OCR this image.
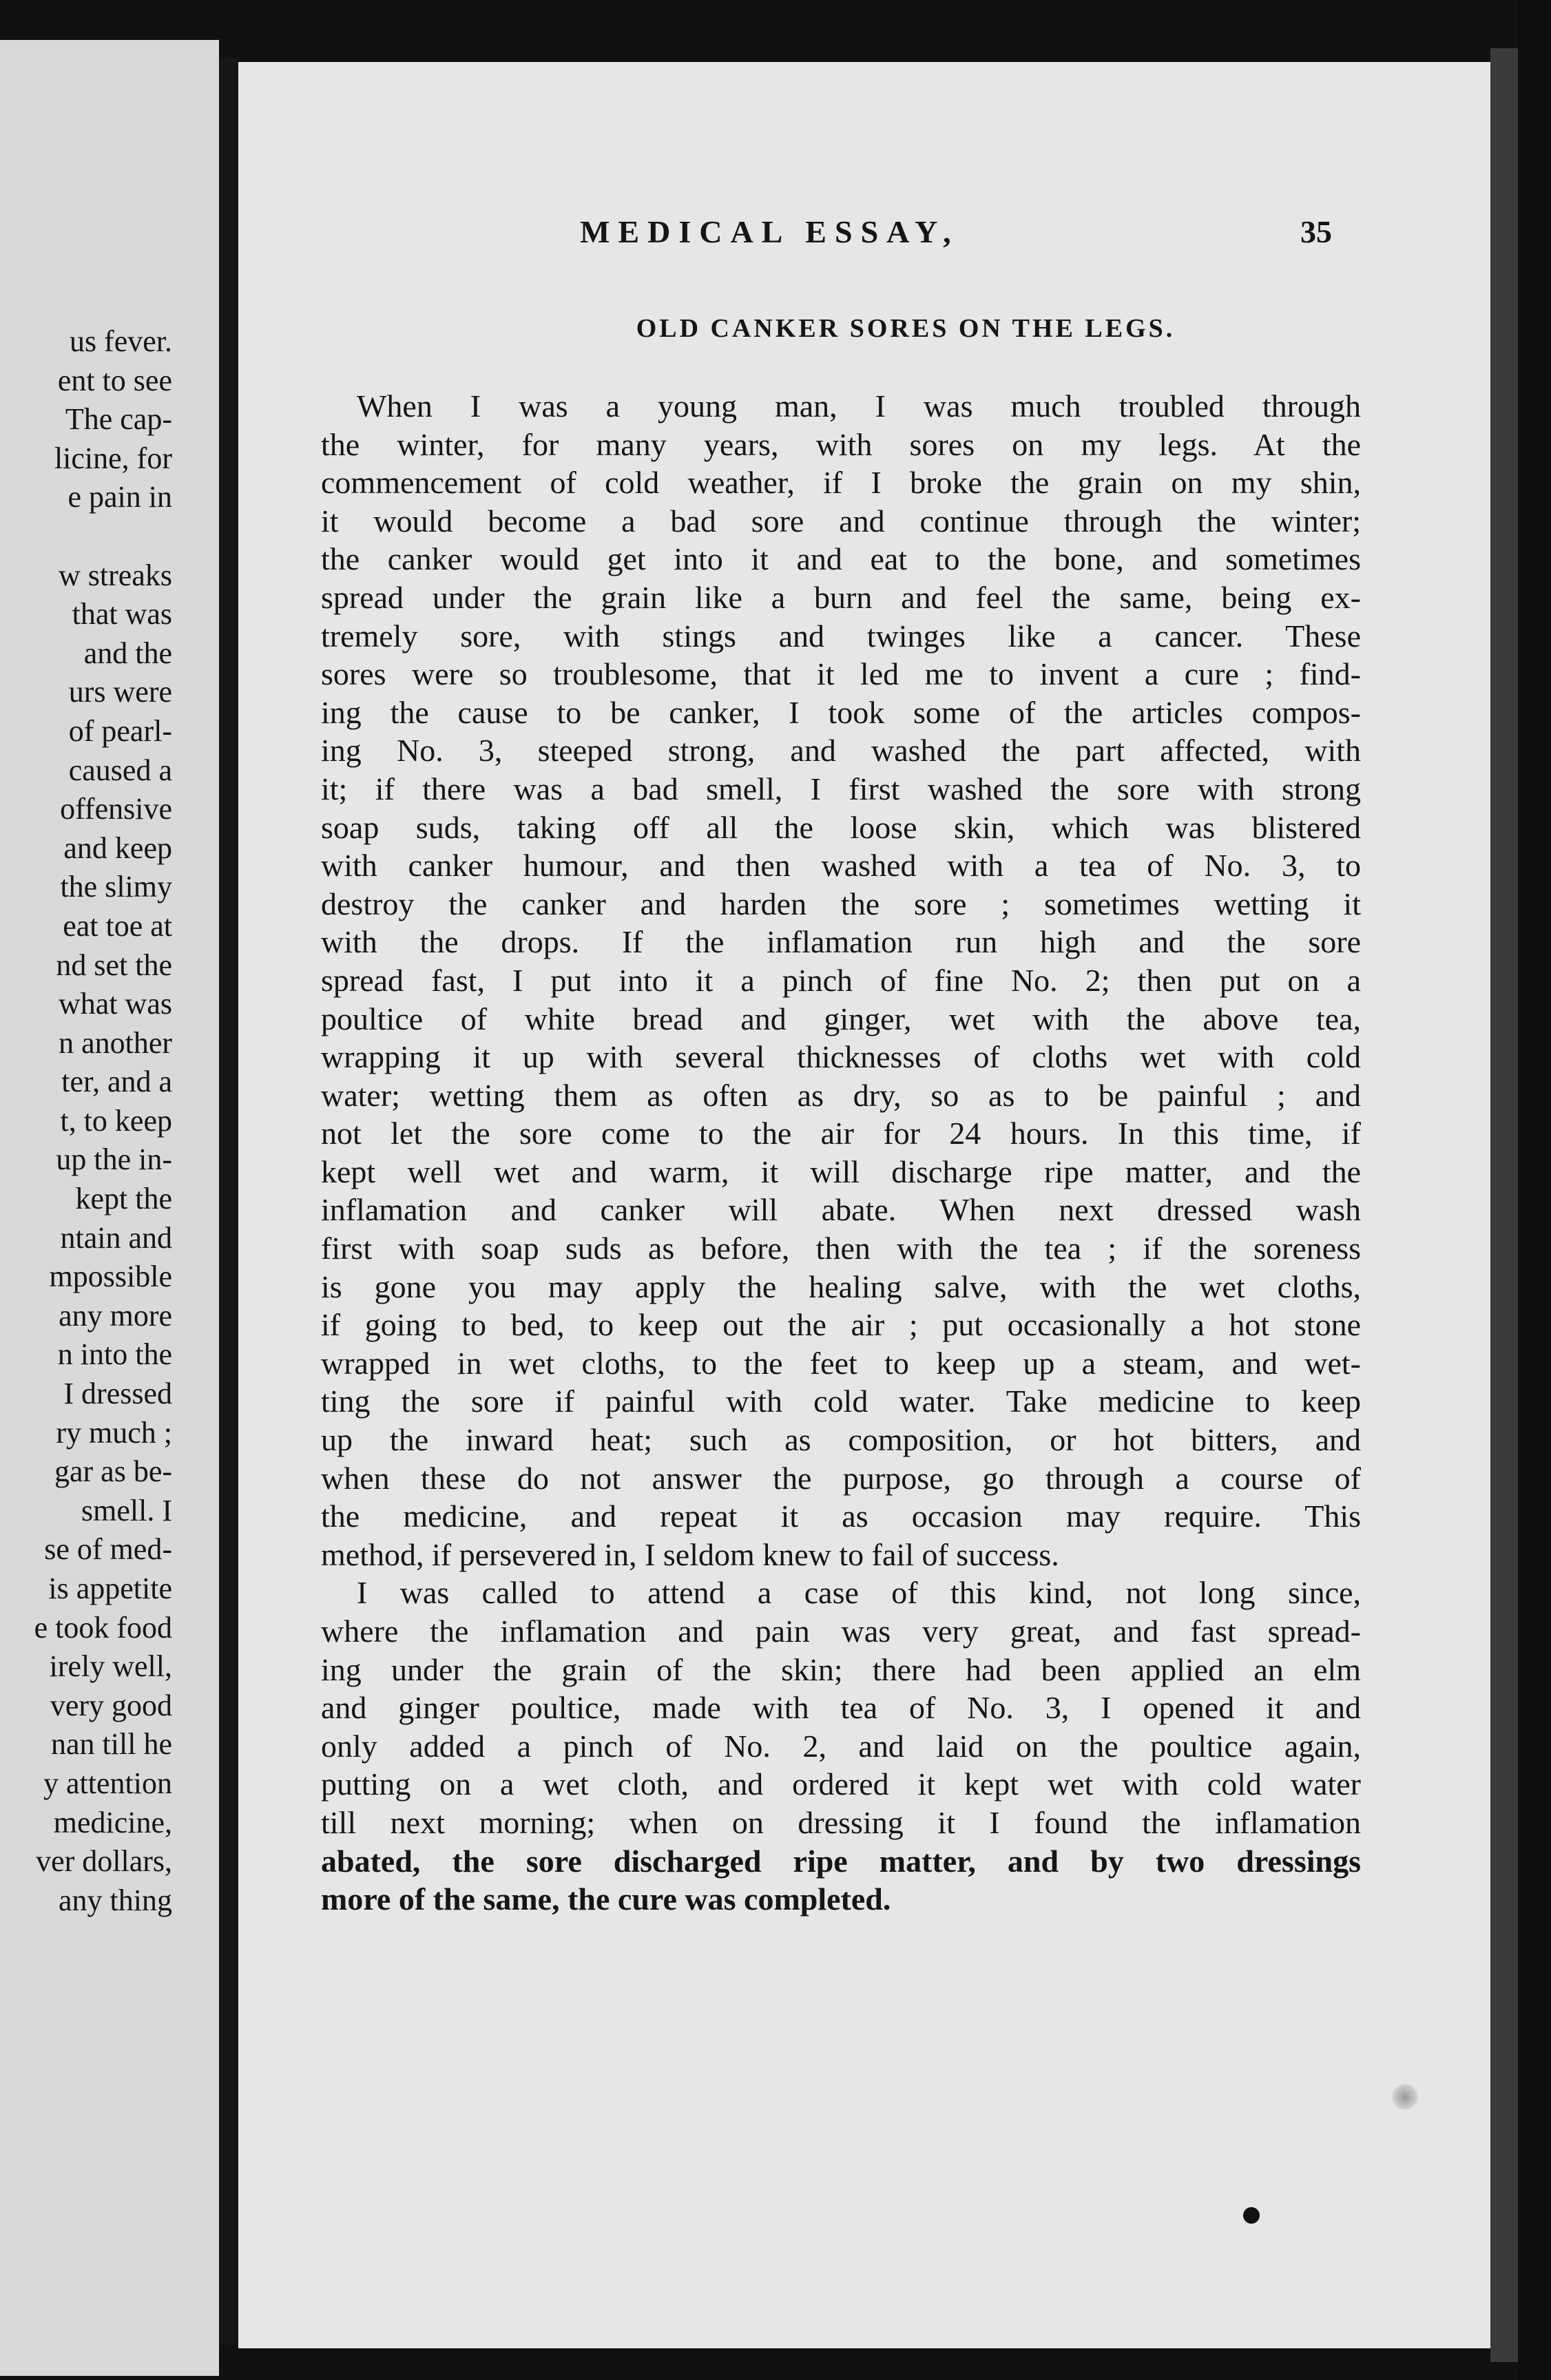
us fever.
ent to see
The cap-
licine, for
e pain in
w streaks
that was
and the
urs were
of pearl-
caused a
offensive
and keep
the slimy
eat toe at
nd set the
what was
n another
ter, and a
t, to keep
up the in-
kept the
ntain and
mpossible
any more
n into the
I dressed
ry much ;
gar as be-
smell. I
se of med-
is appetite
e took food
irely well,
very good
nan till he
y attention
medicine,
ver dollars,
any thing
MEDICAL ESSAY,	35
OLD CANKER SORES ON THE LEGS.
When I was a young man, I was much troubled through
the winter, for many years, with sores on my legs. At the
commencement of cold weather, if I broke the grain on my shin,
it would become a bad sore and continue through the winter;
the canker would get into it and eat to the bone, and sometimes
spread under the grain like a burn and feel the same, being ex-
tremely sore, with stings and twinges like a cancer. These
sores were so troublesome, that it led me to invent a cure ; find-
ing the cause to be canker, I took some of the articles compos-
ing No. 3, steeped strong, and washed the part affected, with
it; if there was a bad smell, I first washed the sore with strong
soap suds, taking off all the loose skin, which was blistered
with canker humour, and then washed with a tea of No. 3, to
destroy the canker and harden the sore ; sometimes wetting it
with the drops. If the inflamation run high and the sore
spread fast, I put into it a pinch of fine No. 2; then put on a
poultice of white bread and ginger, wet with the above tea,
wrapping it up with several thicknesses of cloths wet with cold
water; wetting them as often as dry, so as to be painful ; and
not let the sore come to the air for 24 hours. In this time, if
kept well wet and warm, it will discharge ripe matter, and the
inflamation and canker will abate. When next dressed wash
first with soap suds as before, then with the tea ; if the soreness
is gone you may apply the healing salve, with the wet cloths,
if going to bed, to keep out the air ; put occasionally a hot stone
wrapped in wet cloths, to the feet to keep up a steam, and wet-
ting the sore if painful with cold water. Take medicine to keep
up the inward heat; such as composition, or hot bitters, and
when these do not answer the purpose, go through a course of
the medicine, and repeat it as occasion may require. This
method, if persevered in, I seldom knew to fail of success.
I was called to attend a case of this kind, not long since,
where the inflamation and pain was very great, and fast spread-
ing under the grain of the skin; there had been applied an elm
and ginger poultice, made with tea of No. 3, I opened it and
only added a pinch of No. 2, and laid on the poultice again,
putting on a wet cloth, and ordered it kept wet with cold water
till next morning; when on dressing it I found the inflamation
abated, the sore discharged ripe matter, and by two dressings
more of the same, the cure was completed.
